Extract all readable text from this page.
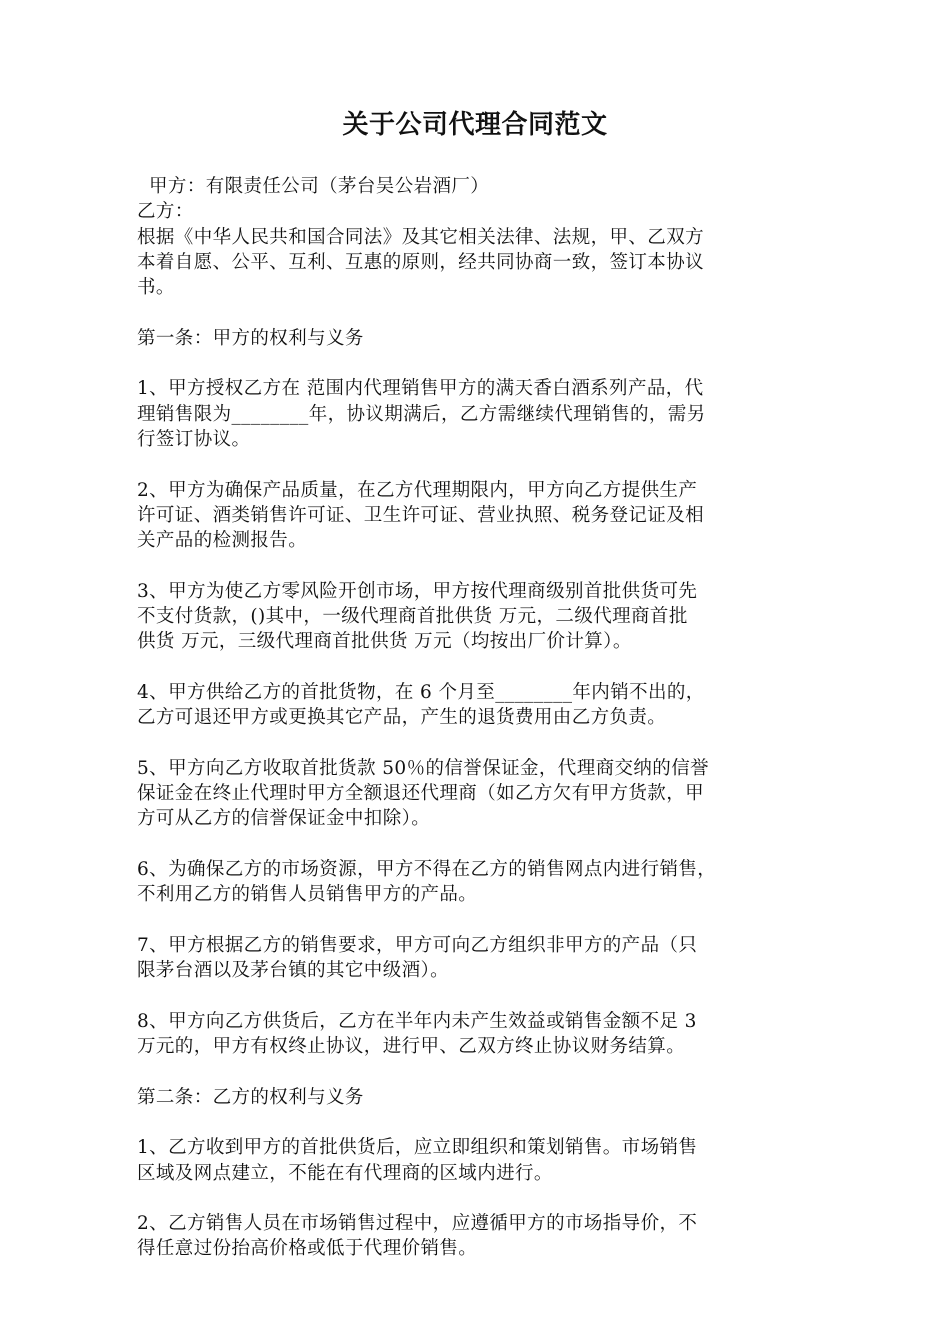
关于公司代理合同范文
甲方：有限责任公司（茅台吴公岩酒厂）
乙方：
根据《中华人民共和国合同法》及其它相关法律、法规，甲、乙双方
本着自愿、公平、互利、互惠的原则，经共同协商一致，签订本协议
书。
第一条：甲方的权利与义务
1、甲方授权乙方在 范围内代理销售甲方的满天香白酒系列产品，代
理销售限为________年，协议期满后，乙方需继续代理销售的，需另
行签订协议。
2、甲方为确保产品质量，在乙方代理期限内，甲方向乙方提供生产
许可证、酒类销售许可证、卫生许可证、营业执照、税务登记证及相
关产品的检测报告。
3、甲方为使乙方零风险开创市场，甲方按代理商级别首批供货可先
不支付货款，()其中，一级代理商首批供货 万元，二级代理商首批
供货 万元，三级代理商首批供货 万元（均按出厂价计算）。
4、甲方供给乙方的首批货物，在 6 个月至________年内销不出的，
乙方可退还甲方或更换其它产品，产生的退货费用由乙方负责。
5、甲方向乙方收取首批货款 50％的信誉保证金，代理商交纳的信誉
保证金在终止代理时甲方全额退还代理商（如乙方欠有甲方货款，甲
方可从乙方的信誉保证金中扣除）。
6、为确保乙方的市场资源，甲方不得在乙方的销售网点内进行销售，
不利用乙方的销售人员销售甲方的产品。
7、甲方根据乙方的销售要求，甲方可向乙方组织非甲方的产品（只
限茅台酒以及茅台镇的其它中级酒）。
8、甲方向乙方供货后，乙方在半年内未产生效益或销售金额不足 3
万元的，甲方有权终止协议，进行甲、乙双方终止协议财务结算。
第二条：乙方的权利与义务
1、乙方收到甲方的首批供货后，应立即组织和策划销售。市场销售
区域及网点建立，不能在有代理商的区域内进行。
2、乙方销售人员在市场销售过程中，应遵循甲方的市场指导价，不
得任意过份抬高价格或低于代理价销售。
